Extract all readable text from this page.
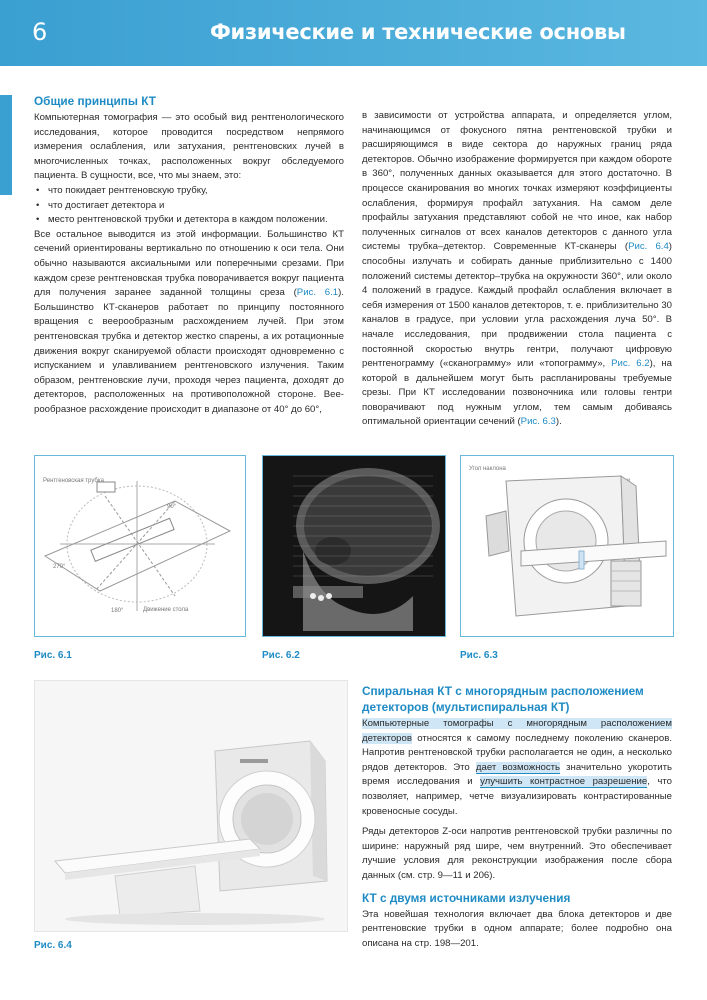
6	Физические и технические основы
Общие принципы КТ

Компьютерная томография — это особый вид рентгенологического исследования, которое проводится посредством непрямого измерения ослабления, или затухания, рентгеновских лучей в многочисленных точках, расположенных вокруг обследуемого пациента. В сущности, все, что мы знаем, это:

• что покидает рентгеновскую трубку,
• что достигает детектора и
• место рентгеновской трубки и детектора в каждом положении.

Все остальное выводится из этой информации. Большинство КТ сечений ориентированы вертикально по отношению к оси тела. Они обычно называются аксиальными или поперечными срезами. При каждом срезе рентгеновская трубка поворачивается вокруг пациента для получения заранее заданной толщины среза (Рис. 6.1). Большинство КТ-сканеров работает по принципу постоянного вращения с веерообразным расхождением лучей. При этом рентгеновская трубка и детектор жестко спарены, а их ротационные движения вокруг сканируемой области происходят одновременно с испусканием и улавливанием рентгеновского излучения. Таким образом, рентгеновские лучи, проходя через пациента, доходят до детекторов, расположенных на противоположной стороне. Веерообразное расхождение происходит в диапазоне от 40° до 60°,

в зависимости от устройства аппарата, и определяется углом, начинающимся от фокусного пятна рентгеновской трубки и расширяющимся в виде сектора до наружных границ ряда детекторов. Обычно изображение формируется при каждом обороте в 360°, полученных данных оказывается для этого достаточно. В процессе сканирования во многих точках измеряют коэффициенты ослабления, формируя профайл затухания. На самом деле профайлы затухания представляют собой не что иное, как набор полученных сигналов от всех каналов детекторов с данного угла системы трубка–детектор. Современные КТ-сканеры (Рис. 6.4) способны излучать и собирать данные приблизительно с 1400 положений системы детектор–трубка на окружности 360°, или около 4 положений в градусе. Каждый профайл ослабления включает в себя измерения от 1500 каналов детекторов, т. е. приблизительно 30 каналов в градусе, при условии угла расхождения луча 50°. В начале исследования, при продвижении стола пациента с постоянной скоростью внутрь гентри, получают цифровую рентгенограмму («сканограмму» или «топограмму», Рис. 6.2), на которой в дальнейшем могут быть распланированы требуемые срезы. При КТ исследовании позвоночника или головы гентри поворачивают под нужным углом, тем самым добиваясь оптимальной ориентации сечений (Рис. 6.3).

Рентгеновская трубка
90°
270°
180°	Движение стола
Рис. 6.1	Рис. 6.2
Угол наклона
Рис. 6.3
Рис. 6.4
Спиральная КТ с многорядным расположением
детекторов (мультиспиральная КТ)

Компьютерные томографы с многорядным расположением детекторов относятся к самому последнему поколению сканеров. Напротив рентгеновской трубки располагается не один, а несколько рядов детекторов. Это дает возможность значительно укоротить время исследования и улучшить контрастное разрешение, что позволяет, например, четче визуализировать контрастированные кровеносные сосуды.

Ряды детекторов Z-оси напротив рентгеновской трубки различны по ширине: наружный ряд шире, чем внутренний. Это обеспечивает лучшие условия для реконструкции изображения после сбора данных (см. стр. 9—11 и 206).

КТ с двумя источниками излучения

Эта новейшая технология включает два блока детекторов и две рентгеновские трубки в одном аппарате; более подробно она описана на стр. 198—201.
